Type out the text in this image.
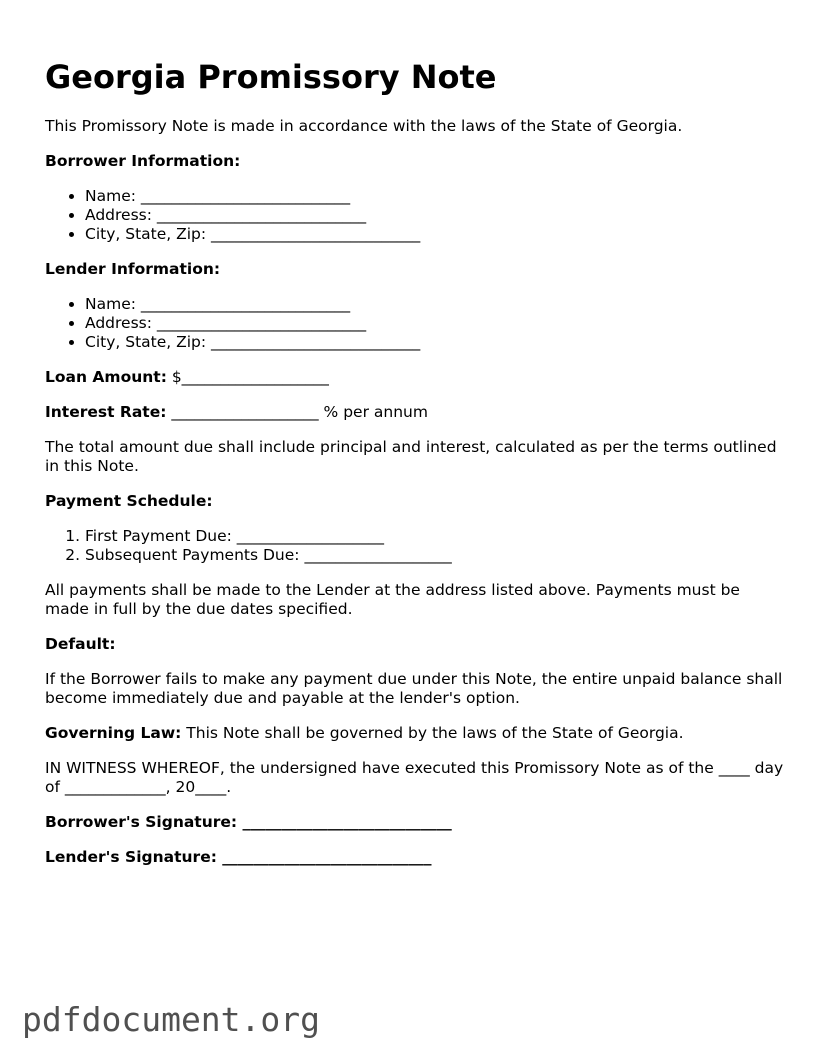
Georgia Promissory Note

This Promissory Note is made in accordance with the laws of the State of Georgia.

Borrower Information:

• Name: ___________________________
• Address: ___________________________
• City, State, Zip: ___________________________

Lender Information:

• Name: ___________________________
• Address: ___________________________
• City, State, Zip: ___________________________

Loan Amount: $___________________

Interest Rate: ___________________ % per annum

The total amount due shall include principal and interest, calculated as per the terms outlined in this Note.

Payment Schedule:

1. First Payment Due: ___________________
2. Subsequent Payments Due: ___________________

All payments shall be made to the Lender at the address listed above. Payments must be made in full by the due dates specified.

Default:

If the Borrower fails to make any payment due under this Note, the entire unpaid balance shall become immediately due and payable at the lender's option.

Governing Law: This Note shall be governed by the laws of the State of Georgia.

IN WITNESS WHEREOF, the undersigned have executed this Promissory Note as of the ____ day of _____________, 20____.

Borrower's Signature: ___________________________

Lender's Signature: ___________________________

pdfdocument.org
